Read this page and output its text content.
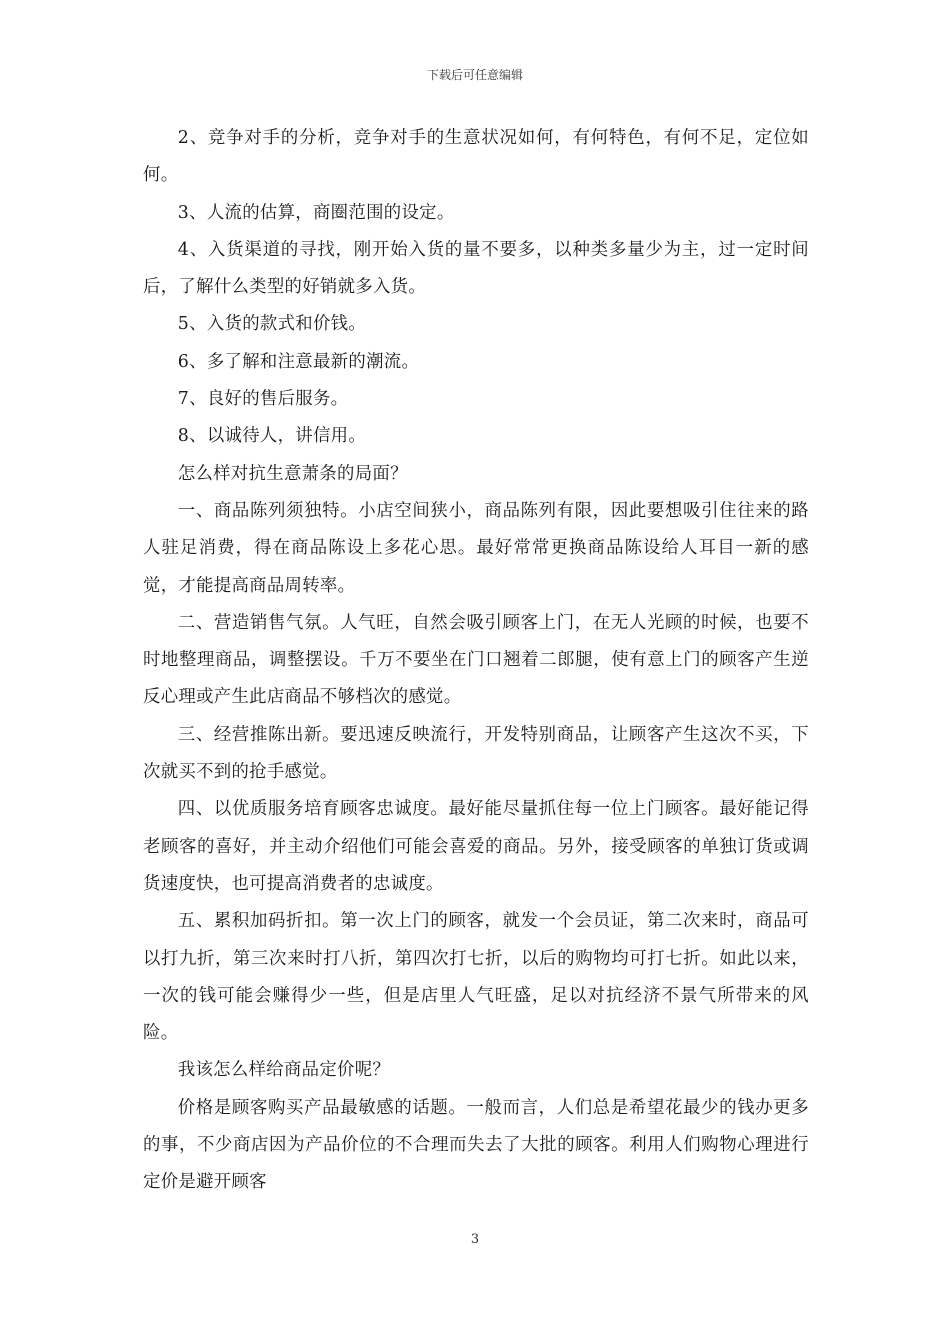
下载后可任意编辑

2、竞争对手的分析，竞争对手的生意状况如何，有何特色，有何不足，定位如何。

3、人流的估算，商圈范围的设定。

4、入货渠道的寻找，刚开始入货的量不要多，以种类多量少为主，过一定时间后，了解什么类型的好销就多入货。

5、入货的款式和价钱。

6、多了解和注意最新的潮流。

7、良好的售后服务。

8、以诚待人，讲信用。

怎么样对抗生意萧条的局面？

一、商品陈列须独特。小店空间狭小，商品陈列有限，因此要想吸引住往来的路人驻足消费，得在商品陈设上多花心思。最好常常更换商品陈设给人耳目一新的感觉，才能提高商品周转率。

二、营造销售气氛。人气旺，自然会吸引顾客上门，在无人光顾的时候，也要不时地整理商品，调整摆设。千万不要坐在门口翘着二郎腿，使有意上门的顾客产生逆反心理或产生此店商品不够档次的感觉。

三、经营推陈出新。要迅速反映流行，开发特别商品，让顾客产生这次不买，下次就买不到的抢手感觉。

四、以优质服务培育顾客忠诚度。最好能尽量抓住每一位上门顾客。最好能记得老顾客的喜好，并主动介绍他们可能会喜爱的商品。另外，接受顾客的单独订货或调货速度快，也可提高消费者的忠诚度。

五、累积加码折扣。第一次上门的顾客，就发一个会员证，第二次来时，商品可以打九折，第三次来时打八折，第四次打七折，以后的购物均可打七折。如此以来，一次的钱可能会赚得少一些，但是店里人气旺盛，足以对抗经济不景气所带来的风险。

我该怎么样给商品定价呢？

价格是顾客购买产品最敏感的话题。一般而言，人们总是希望花最少的钱办更多的事，不少商店因为产品价位的不合理而失去了大批的顾客。利用人们购物心理进行定价是避开顾客

3
